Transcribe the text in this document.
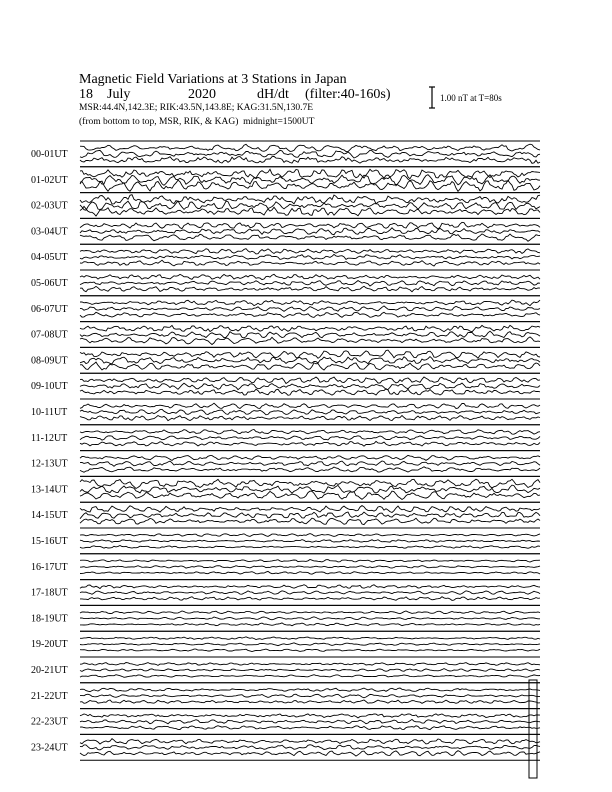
Magnetic Field Variations at 3 Stations in Japan
18 July	2020	dH/dt (filter:40-160s)
MSR:44.4N,142.3E; RIK:43.5N,143.8E; KAG:31.5N,130.7E
(from bottom to top, MSR, RIK, & KAG) midnight=1500UT
1.00 nT at T=80s
00-01UT
01-02UT
02-03UT
03-04UT
04-05UT
05-06UT
06-07UT
07-08UT
08-09UT
09-10UT
10-11UT
11-12UT
12-13UT
13-14UT
14-15UT
15-16UT
16-17UT
17-18UT
18-19UT
19-20UT
20-21UT
21-22UT
22-23UT
23-24UT
